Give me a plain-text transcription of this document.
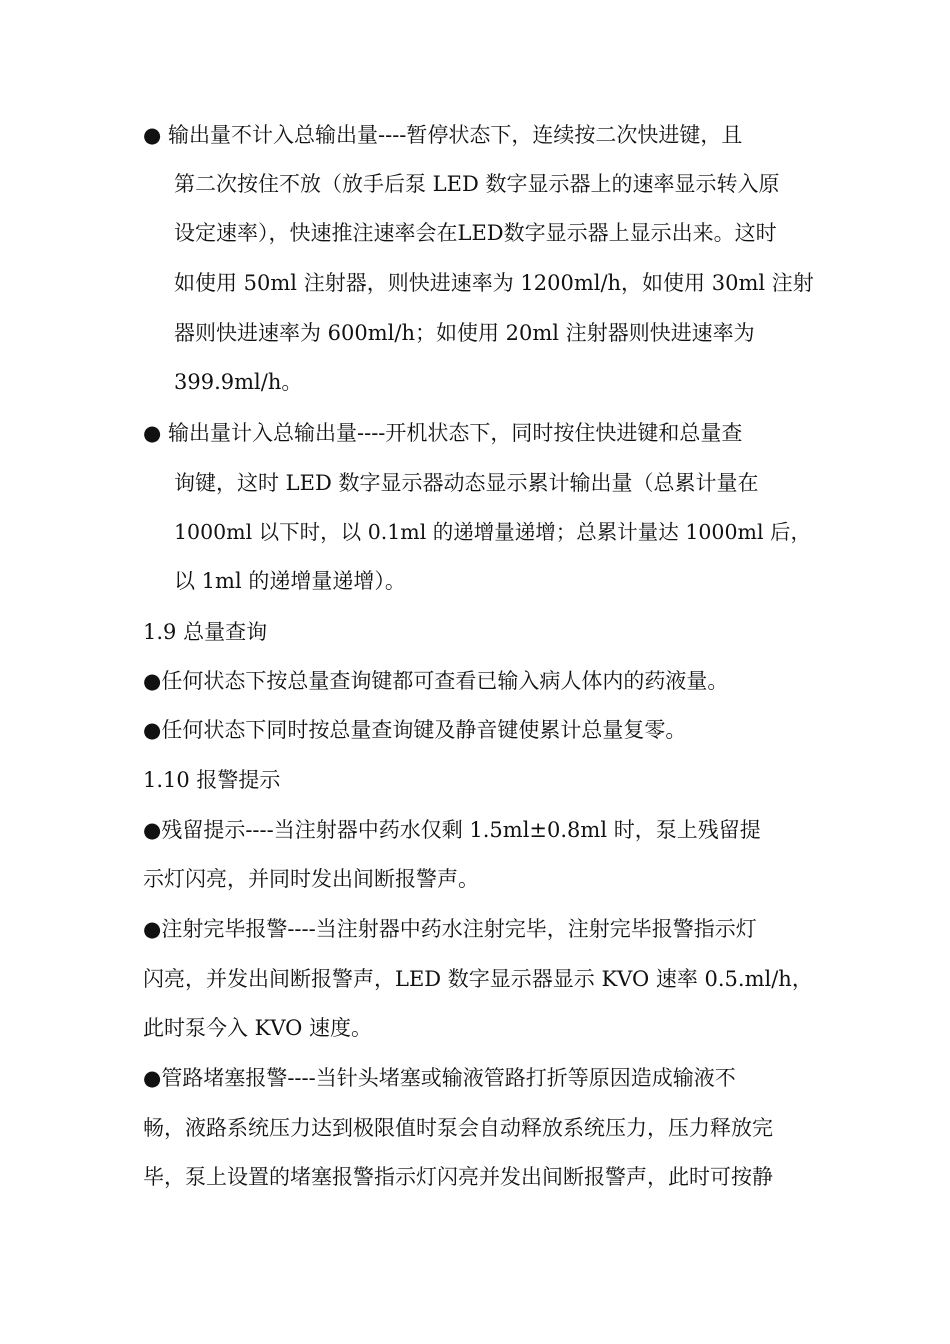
● 输出量不计入总输出量----暂停状态下，连续按二次快进键，且
第二次按住不放（放手后泵 LED 数字显示器上的速率显示转入原
设定速率），快速推注速率会在LED数字显示器上显示出来。这时
如使用 50ml 注射器，则快进速率为 1200ml/h，如使用 30ml 注射
器则快进速率为 600ml/h；如使用 20ml 注射器则快进速率为
399.9ml/h。
● 输出量计入总输出量----开机状态下，同时按住快进键和总量查
询键，这时 LED 数字显示器动态显示累计输出量（总累计量在
1000ml 以下时，以 0.1ml 的递增量递增；总累计量达 1000ml 后，
以 1ml 的递增量递增）。
1.9 总量查询
●任何状态下按总量查询键都可查看已输入病人体内的药液量。
●任何状态下同时按总量查询键及静音键使累计总量复零。
1.10 报警提示
●残留提示----当注射器中药水仅剩 1.5ml±0.8ml 时，泵上残留提
示灯闪亮，并同时发出间断报警声。
●注射完毕报警----当注射器中药水注射完毕，注射完毕报警指示灯
闪亮，并发出间断报警声，LED 数字显示器显示 KVO 速率 0.5.ml/h，
此时泵今入 KVO 速度。
●管路堵塞报警----当针头堵塞或输液管路打折等原因造成输液不
畅，液路系统压力达到极限值时泵会自动释放系统压力，压力释放完
毕，泵上设置的堵塞报警指示灯闪亮并发出间断报警声，此时可按静
